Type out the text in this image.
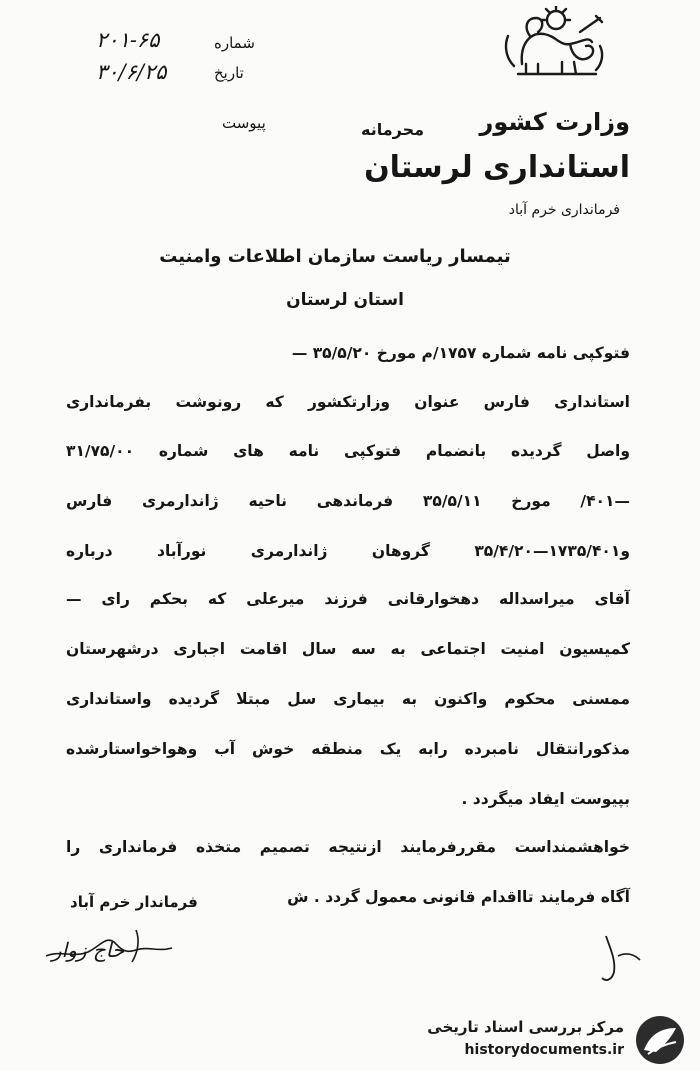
وزارت کشور
استانداری لرستان
فرمانداری خرم آباد
محرمانه
شماره
۲۰۱-۶۵
تاریخ
۳۰/۶/۲۵
پیوست
تیمسار ریاست سازمان اطلاعات وامنیت
استان لرستان
فتوکپی نامه شماره ۱۷۵۷/م مورخ ۳۵/۵/۲۰ —
استانداری فارس عنوان وزارتکشور که رونوشت بفرمانداری
واصل گردیده بانضمام فتوکپی نامه های شماره ۳۱/۷۵/۰۰
—۴۰۱/ مورخ ۳۵/۵/۱۱ فرماندهی ناحیه ژاندارمری فارس
و۱۷۳۵/۴۰۱—۳۵/۴/۲۰ گروهان ژاندارمری نورآباد درباره
آقای میراسداله دهخوارقانی فرزند میرعلی که بحکم رای —
کمیسیون امنیت اجتماعی به سه سال اقامت اجباری درشهرستان
ممسنی محکوم واکنون به بیماری سل مبتلا گردیده واستانداری
مذکورانتقال نامبرده رابه یک منطقه خوش آب وهواخواستارشده
بپیوست ایفاد میگردد .
خواهشمنداست مقررفرمایند ازنتیجه تصمیم متخذه فرمانداری را
آگاه فرمایند تااقدام قانونی معمول گردد . ش
فرماندار خرم آباد
حاج زوار
مرکز بررسی اسناد تاریخی
historydocuments.ir
